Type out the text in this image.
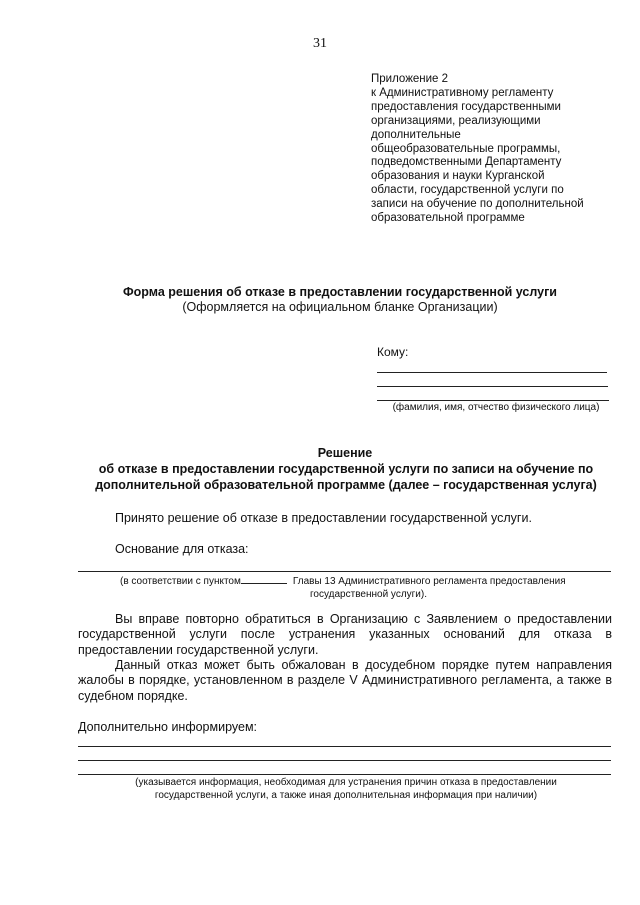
31
Приложение 2
к Административному регламенту
предоставления государственными
организациями, реализующими
дополнительные
общеобразовательные программы,
подведомственными Департаменту
образования и науки Курганской
области, государственной услуги по
записи на обучение по дополнительной
образовательной программе
Форма решения об отказе в предоставлении государственной услуги
(Оформляется на официальном бланке Организации)
Кому:
(фамилия, имя, отчество физического лица)
Решение
об отказе в предоставлении государственной услуги по записи на обучение по
дополнительной образовательной программе (далее – государственная услуга)
Принято решение об отказе в предоставлении государственной услуги.
Основание для отказа:
(в соответствии с пунктом	Главы 13 Административного регламента предоставления
государственной услуги).
Вы вправе повторно обратиться в Организацию с Заявлением о предоставлении государственной услуги после устранения указанных оснований для отказа в предоставлении государственной услуги.
Данный отказ может быть обжалован в досудебном порядке путем направления жалобы в порядке, установленном в разделе V Административного регламента, а также в судебном порядке.
Дополнительно информируем:
(указывается информация, необходимая для устранения причин отказа в предоставлении
государственной услуги, а также иная дополнительная информация при наличии)
